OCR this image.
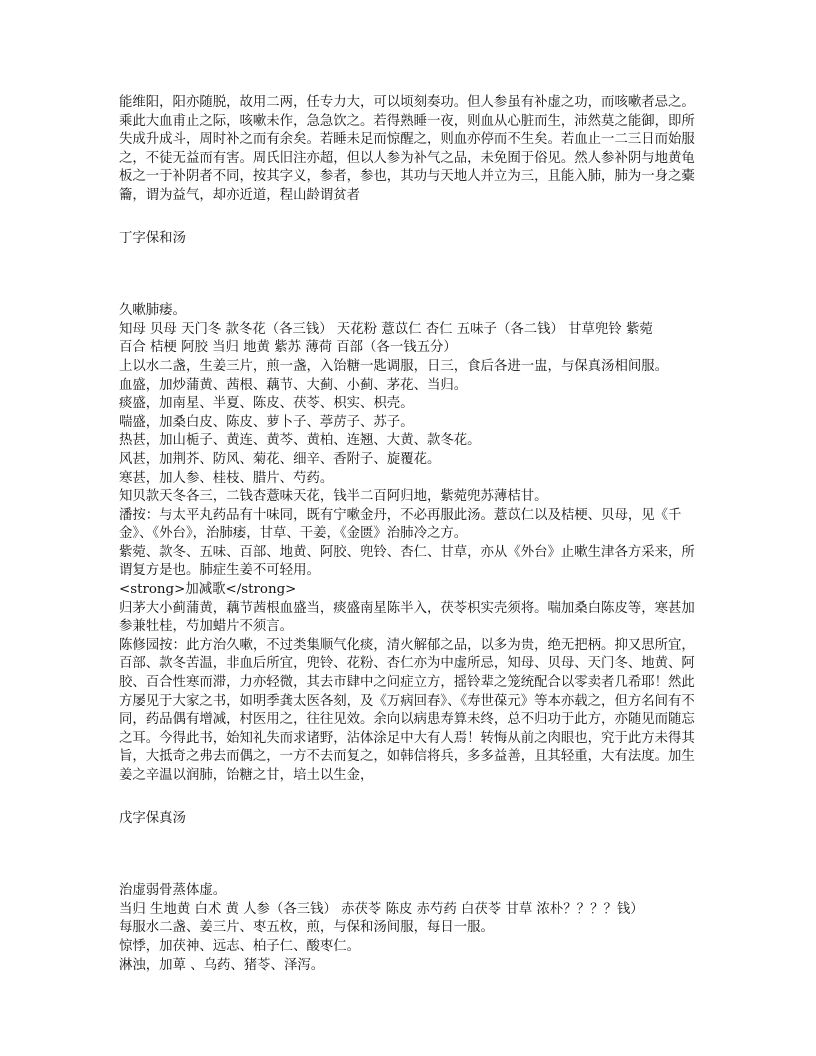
能维阳，阳亦随脱，故用二两，任专力大，可以顷刻奏功。但人参虽有补虚之功，而咳嗽者忌之。乘此大血甫止之际，咳嗽未作，急急饮之。若得熟睡一夜，则血从心脏而生，沛然莫之能御，即所失成升成斗，周时补之而有余矣。若睡未足而惊醒之，则血亦停而不生矣。若血止一二三日而始服之，不徒无益而有害。周氏旧注亦超，但以人参为补气之品，未免囿于俗见。然人参补阴与地黄龟板之一于补阴者不同，按其字义，参者，参也，其功与天地人并立为三，且能入肺，肺为一身之橐籥，谓为益气，却亦近道，程山龄谓贫者

丁字保和汤

久嗽肺痿。
知母 贝母 天门冬 款冬花（各三钱） 天花粉 薏苡仁 杏仁 五味子（各二钱） 甘草兜铃 紫菀
百合 桔梗 阿胶 当归 地黄 紫苏 薄荷 百部（各一钱五分）
上以水二盏，生姜三片，煎一盏，入饴糖一匙调服，日三，食后各进一盅，与保真汤相间服。
血盛，加炒蒲黄、茜根、藕节、大蓟、小蓟、茅花、当归。
痰盛，加南星、半夏、陈皮、茯苓、枳实、枳壳。
喘盛，加桑白皮、陈皮、萝卜子、葶苈子、苏子。
热甚，加山栀子、黄连、黄芩、黄柏、连翘、大黄、款冬花。
风甚，加荆芥、防风、菊花、细辛、香附子、旋覆花。
寒甚，加人参、桂枝、腊片、芍药。
知贝款天冬各三，二钱杏薏味天花，钱半二百阿归地，紫菀兜苏薄桔甘。

潘按：与太平丸药品有十味同，既有宁嗽金丹，不必再服此汤。薏苡仁以及桔梗、贝母，见《千金》、《外台》，治肺痿，甘草、干姜，《金匮》治肺冷之方。

紫菀、款冬、五味、百部、地黄、阿胶、兜铃、杏仁、甘草，亦从《外台》止嗽生津各方采来，所谓复方是也。肺症生姜不可轻用。

<strong>加减歌</strong>

归茅大小蓟蒲黄，藕节茜根血盛当，痰盛南星陈半入，茯苓枳实壳须将。喘加桑白陈皮等，寒甚加参兼牡桂，芍加蜡片不须言。

陈修园按：此方治久嗽，不过类集顺气化痰，清火解郁之品，以多为贵，绝无把柄。抑又思所宜，百部、款冬苦温，非血后所宜，兜铃、花粉、杏仁亦为中虚所忌，知母、贝母、天门冬、地黄、阿胶、百合性寒而滞，力亦轻微，其去市肆中之问症立方，摇铃辈之笼统配合以零卖者几希耶！然此方屡见于大家之书，如明季龚太医各刻，及《万病回春》、《寿世葆元》等本亦载之，但方名间有不同，药品偶有增减，村医用之，往往见效。余向以病患寿算未终，总不归功于此方，亦随见而随忘之耳。今得此书，始知礼失而求诸野，沾体涂足中大有人焉！转悔从前之肉眼也，究于此方未得其旨，大抵奇之弗去而偶之，一方不去而复之，如韩信将兵，多多益善，且其轻重，大有法度。加生姜之辛温以润肺，饴糖之甘，培土以生金，

戊字保真汤

治虚弱骨蒸体虚。
当归 生地黄 白术 黄 人参（各三钱） 赤茯苓 陈皮 赤芍药 白茯苓 甘草 浓朴？？？？钱）
每服水二盏、姜三片、枣五枚，煎，与保和汤间服，每日一服。
惊悸，加茯神、远志、柏子仁、酸枣仁。
淋浊，加萆 、乌药、猪苓、泽泻。
